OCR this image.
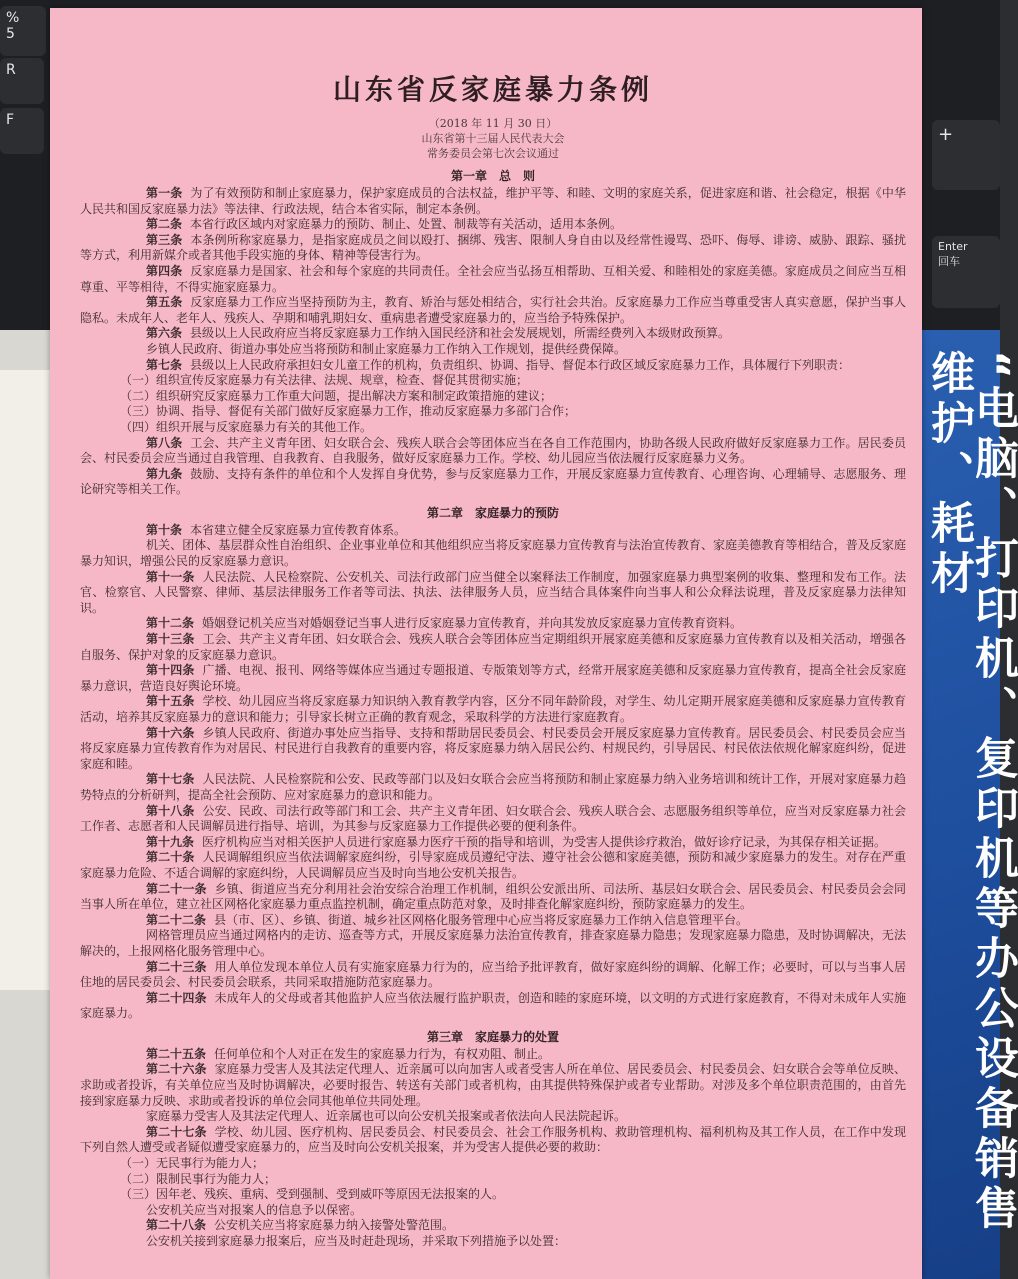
%
5
R
F
+
Enter
回车
“电脑、打印机、复印机等办公设备销售维护、耗材
山东省反家庭暴力条例
（2018 年 11 月 30 日）
山东省第十三届人民代表大会
常务委员会第七次会议通过
第一章　总　则

第一条 为了有效预防和制止家庭暴力，保护家庭成员的合法权益，维护平等、和睦、文明的家庭关系，促进家庭和谐、社会稳定，根据《中华人民共和国反家庭暴力法》等法律、行政法规，结合本省实际，制定本条例。

第二条 本省行政区域内对家庭暴力的预防、制止、处置、制裁等有关活动，适用本条例。

第三条 本条例所称家庭暴力，是指家庭成员之间以殴打、捆绑、残害、限制人身自由以及经常性谩骂、恐吓、侮辱、诽谤、威胁、跟踪、骚扰等方式，利用新媒介或者其他手段实施的身体、精神等侵害行为。

第四条 反家庭暴力是国家、社会和每个家庭的共同责任。全社会应当弘扬互相帮助、互相关爱、和睦相处的家庭美德。家庭成员之间应当互相尊重、平等相待，不得实施家庭暴力。

第五条 反家庭暴力工作应当坚持预防为主，教育、矫治与惩处相结合，实行社会共治。反家庭暴力工作应当尊重受害人真实意愿，保护当事人隐私。未成年人、老年人、残疾人、孕期和哺乳期妇女、重病患者遭受家庭暴力的，应当给予特殊保护。

第六条 县级以上人民政府应当将反家庭暴力工作纳入国民经济和社会发展规划，所需经费列入本级财政预算。

乡镇人民政府、街道办事处应当将预防和制止家庭暴力工作纳入工作规划，提供经费保障。

第七条 县级以上人民政府承担妇女儿童工作的机构，负责组织、协调、指导、督促本行政区域反家庭暴力工作，具体履行下列职责：

（一）组织宣传反家庭暴力有关法律、法规、规章，检查、督促其贯彻实施；

（二）组织研究反家庭暴力工作重大问题，提出解决方案和制定政策措施的建议；

（三）协调、指导、督促有关部门做好反家庭暴力工作，推动反家庭暴力多部门合作；

（四）组织开展与反家庭暴力有关的其他工作。

第八条 工会、共产主义青年团、妇女联合会、残疾人联合会等团体应当在各自工作范围内，协助各级人民政府做好反家庭暴力工作。居民委员会、村民委员会应当通过自我管理、自我教育、自我服务，做好反家庭暴力工作。学校、幼儿园应当依法履行反家庭暴力义务。

第九条 鼓励、支持有条件的单位和个人发挥自身优势，参与反家庭暴力工作，开展反家庭暴力宣传教育、心理咨询、心理辅导、志愿服务、理论研究等相关工作。

第二章　家庭暴力的预防

第十条 本省建立健全反家庭暴力宣传教育体系。

机关、团体、基层群众性自治组织、企业事业单位和其他组织应当将反家庭暴力宣传教育与法治宣传教育、家庭美德教育等相结合，普及反家庭暴力知识，增强公民的反家庭暴力意识。

第十一条 人民法院、人民检察院、公安机关、司法行政部门应当健全以案释法工作制度，加强家庭暴力典型案例的收集、整理和发布工作。法官、检察官、人民警察、律师、基层法律服务工作者等司法、执法、法律服务人员，应当结合具体案件向当事人和公众释法说理，普及反家庭暴力法律知识。

第十二条 婚姻登记机关应当对婚姻登记当事人进行反家庭暴力宣传教育，并向其发放反家庭暴力宣传教育资料。

第十三条 工会、共产主义青年团、妇女联合会、残疾人联合会等团体应当定期组织开展家庭美德和反家庭暴力宣传教育以及相关活动，增强各自服务、保护对象的反家庭暴力意识。

第十四条 广播、电视、报刊、网络等媒体应当通过专题报道、专版策划等方式，经常开展家庭美德和反家庭暴力宣传教育，提高全社会反家庭暴力意识，营造良好舆论环境。

第十五条 学校、幼儿园应当将反家庭暴力知识纳入教育教学内容，区分不同年龄阶段，对学生、幼儿定期开展家庭美德和反家庭暴力宣传教育活动，培养其反家庭暴力的意识和能力；引导家长树立正确的教育观念，采取科学的方法进行家庭教育。

第十六条 乡镇人民政府、街道办事处应当指导、支持和帮助居民委员会、村民委员会开展反家庭暴力宣传教育。居民委员会、村民委员会应当将反家庭暴力宣传教育作为对居民、村民进行自我教育的重要内容，将反家庭暴力纳入居民公约、村规民约，引导居民、村民依法依规化解家庭纠纷，促进家庭和睦。

第十七条 人民法院、人民检察院和公安、民政等部门以及妇女联合会应当将预防和制止家庭暴力纳入业务培训和统计工作，开展对家庭暴力趋势特点的分析研判，提高全社会预防、应对家庭暴力的意识和能力。

第十八条 公安、民政、司法行政等部门和工会、共产主义青年团、妇女联合会、残疾人联合会、志愿服务组织等单位，应当对反家庭暴力社会工作者、志愿者和人民调解员进行指导、培训，为其参与反家庭暴力工作提供必要的便利条件。

第十九条 医疗机构应当对相关医护人员进行家庭暴力医疗干预的指导和培训，为受害人提供诊疗救治，做好诊疗记录，为其保存相关证据。

第二十条 人民调解组织应当依法调解家庭纠纷，引导家庭成员遵纪守法、遵守社会公德和家庭美德，预防和减少家庭暴力的发生。对存在严重家庭暴力危险、不适合调解的家庭纠纷，人民调解员应当及时向当地公安机关报告。

第二十一条 乡镇、街道应当充分利用社会治安综合治理工作机制，组织公安派出所、司法所、基层妇女联合会、居民委员会、村民委员会会同当事人所在单位，建立社区网格化家庭暴力重点监控机制，确定重点防范对象，及时排查化解家庭纠纷，预防家庭暴力的发生。

第二十二条 县（市、区）、乡镇、街道、城乡社区网格化服务管理中心应当将反家庭暴力工作纳入信息管理平台。

网格管理员应当通过网格内的走访、巡查等方式，开展反家庭暴力法治宣传教育，排查家庭暴力隐患；发现家庭暴力隐患，及时协调解决，无法解决的，上报网格化服务管理中心。

第二十三条 用人单位发现本单位人员有实施家庭暴力行为的，应当给予批评教育，做好家庭纠纷的调解、化解工作；必要时，可以与当事人居住地的居民委员会、村民委员会联系，共同采取措施防范家庭暴力。

第二十四条 未成年人的父母或者其他监护人应当依法履行监护职责，创造和睦的家庭环境，以文明的方式进行家庭教育，不得对未成年人实施家庭暴力。

第三章　家庭暴力的处置

第二十五条 任何单位和个人对正在发生的家庭暴力行为，有权劝阻、制止。

第二十六条 家庭暴力受害人及其法定代理人、近亲属可以向加害人或者受害人所在单位、居民委员会、村民委员会、妇女联合会等单位反映、求助或者投诉，有关单位应当及时协调解决，必要时报告、转送有关部门或者机构，由其提供特殊保护或者专业帮助。对涉及多个单位职责范围的，由首先接到家庭暴力反映、求助或者投诉的单位会同其他单位共同处理。

家庭暴力受害人及其法定代理人、近亲属也可以向公安机关报案或者依法向人民法院起诉。

第二十七条 学校、幼儿园、医疗机构、居民委员会、村民委员会、社会工作服务机构、救助管理机构、福利机构及其工作人员，在工作中发现下列自然人遭受或者疑似遭受家庭暴力的，应当及时向公安机关报案，并为受害人提供必要的救助：

（一）无民事行为能力人；

（二）限制民事行为能力人；

（三）因年老、残疾、重病、受到强制、受到威吓等原因无法报案的人。

公安机关应当对报案人的信息予以保密。

第二十八条 公安机关应当将家庭暴力纳入接警处警范围。

公安机关接到家庭暴力报案后，应当及时赶赴现场，并采取下列措施予以处置：
